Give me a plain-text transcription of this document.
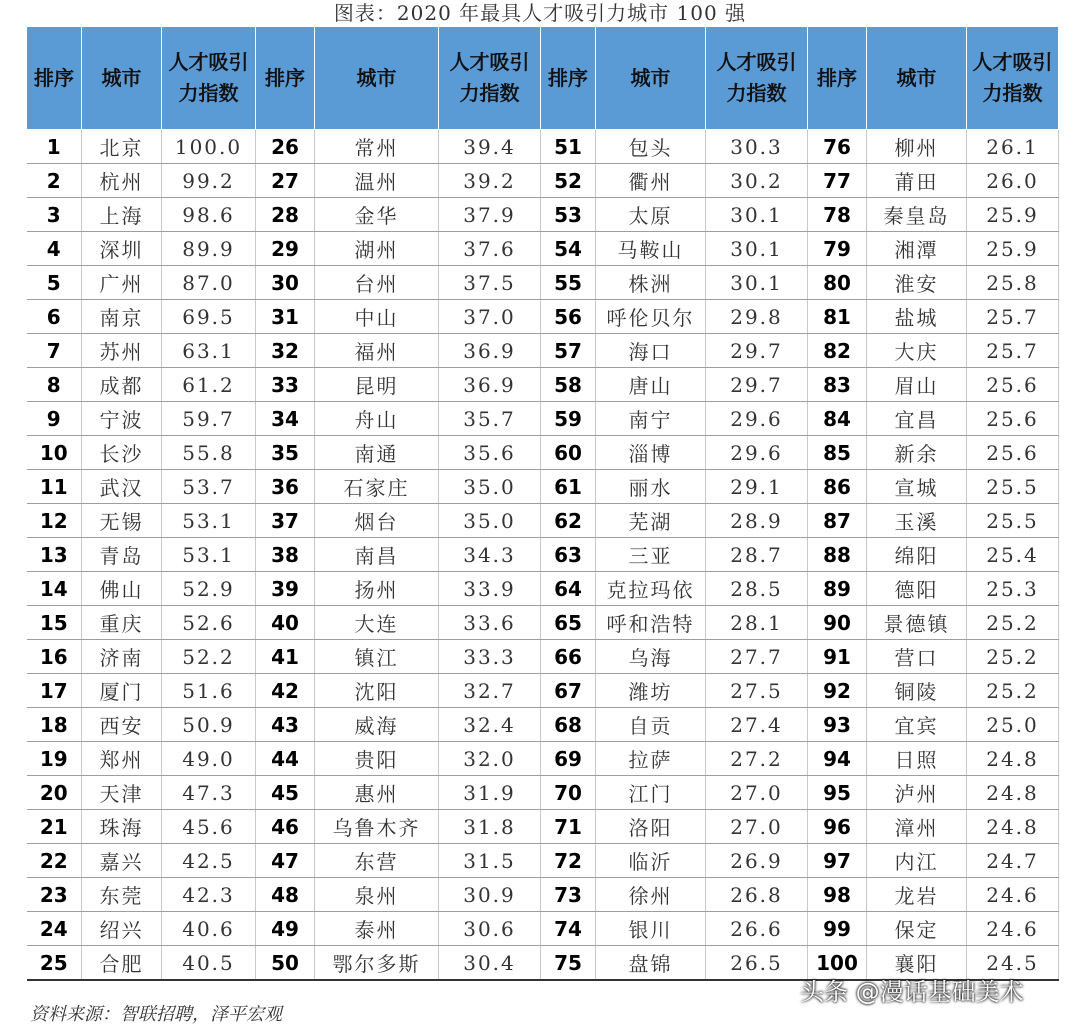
图表：2020 年最具人才吸引力城市 100 强
排序	城市	人才吸引力指数	排序	城市	人才吸引力指数	排序	城市	人才吸引力指数	排序	城市	人才吸引力指数
1	北京	100.0	26	常州	39.4	51	包头	30.3	76	柳州	26.1
2	杭州	99.2	27	温州	39.2	52	衢州	30.2	77	莆田	26.0
3	上海	98.6	28	金华	37.9	53	太原	30.1	78	秦皇岛	25.9
4	深圳	89.9	29	湖州	37.6	54	马鞍山	30.1	79	湘潭	25.9
5	广州	87.0	30	台州	37.5	55	株洲	30.1	80	淮安	25.8
6	南京	69.5	31	中山	37.0	56	呼伦贝尔	29.8	81	盐城	25.7
7	苏州	63.1	32	福州	36.9	57	海口	29.7	82	大庆	25.7
8	成都	61.2	33	昆明	36.9	58	唐山	29.7	83	眉山	25.6
9	宁波	59.7	34	舟山	35.7	59	南宁	29.6	84	宜昌	25.6
10	长沙	55.8	35	南通	35.6	60	淄博	29.6	85	新余	25.6
11	武汉	53.7	36	石家庄	35.0	61	丽水	29.1	86	宣城	25.5
12	无锡	53.1	37	烟台	35.0	62	芜湖	28.9	87	玉溪	25.5
13	青岛	53.1	38	南昌	34.3	63	三亚	28.7	88	绵阳	25.4
14	佛山	52.9	39	扬州	33.9	64	克拉玛依	28.5	89	德阳	25.3
15	重庆	52.6	40	大连	33.6	65	呼和浩特	28.1	90	景德镇	25.2
16	济南	52.2	41	镇江	33.3	66	乌海	27.7	91	营口	25.2
17	厦门	51.6	42	沈阳	32.7	67	潍坊	27.5	92	铜陵	25.2
18	西安	50.9	43	威海	32.4	68	自贡	27.4	93	宜宾	25.0
19	郑州	49.0	44	贵阳	32.0	69	拉萨	27.2	94	日照	24.8
20	天津	47.3	45	惠州	31.9	70	江门	27.0	95	泸州	24.8
21	珠海	45.6	46	乌鲁木齐	31.8	71	洛阳	27.0	96	漳州	24.8
22	嘉兴	42.5	47	东营	31.5	72	临沂	26.9	97	内江	24.7
23	东莞	42.3	48	泉州	30.9	73	徐州	26.8	98	龙岩	24.6
24	绍兴	40.6	49	泰州	30.6	74	银川	26.6	99	保定	24.6
25	合肥	40.5	50	鄂尔多斯	30.4	75	盘锦	26.5	100	襄阳	24.5
资料来源：智联招聘，泽平宏观
头条 @漫话基础美术
